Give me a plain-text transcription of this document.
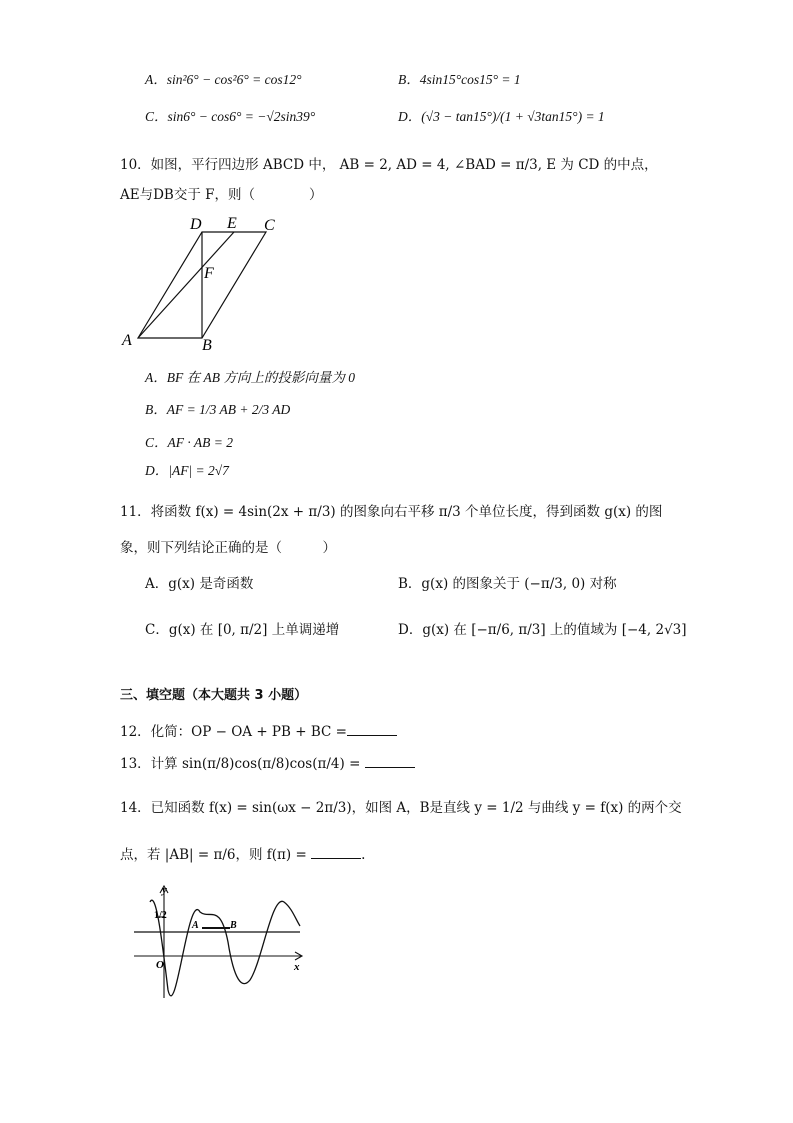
A．sin²6° − cos²6° = cos12°	B．4sin15°cos15° = 1
C．sin6° − cos6° = −√2sin39°	D．(√3 − tan15°)/(1 + √3tan15°) = 1
10．如图，平行四边形 ABCD 中， AB = 2, AD = 4, ∠BAD = π/3, E 为 CD 的中点，
AE与DB交于 F，则（　　　　）
D E C
F
A	B
A．BF 在 AB 方向上的投影向量为 0
B．AF = 1/3 AB + 2/3 AD
C．AF · AB = 2
D．|AF| = 2√7
11．将函数 f(x) = 4sin(2x + π/3) 的图象向右平移 π/3 个单位长度，得到函数 g(x) 的图
象，则下列结论正确的是（　　　）
A．g(x) 是奇函数	B．g(x) 的图象关于 (−π/3, 0) 对称
C．g(x) 在 [0, π/2] 上单调递增	D．g(x) 在 [−π/6, π/3] 上的值域为 [−4, 2√3]
三、填空题（本大题共 3 小题）
12．化简：OP − OA + PB + BC =
13．计算 sin(π/8)cos(π/8)cos(π/4) =
14．已知函数 f(x) = sin(ωx − 2π/3)，如图 A，B是直线 y = 1/2 与曲线 y = f(x) 的两个交
点，若 |AB| = π/6，则 f(π) =	.
y
1/2
A	B
O	x
